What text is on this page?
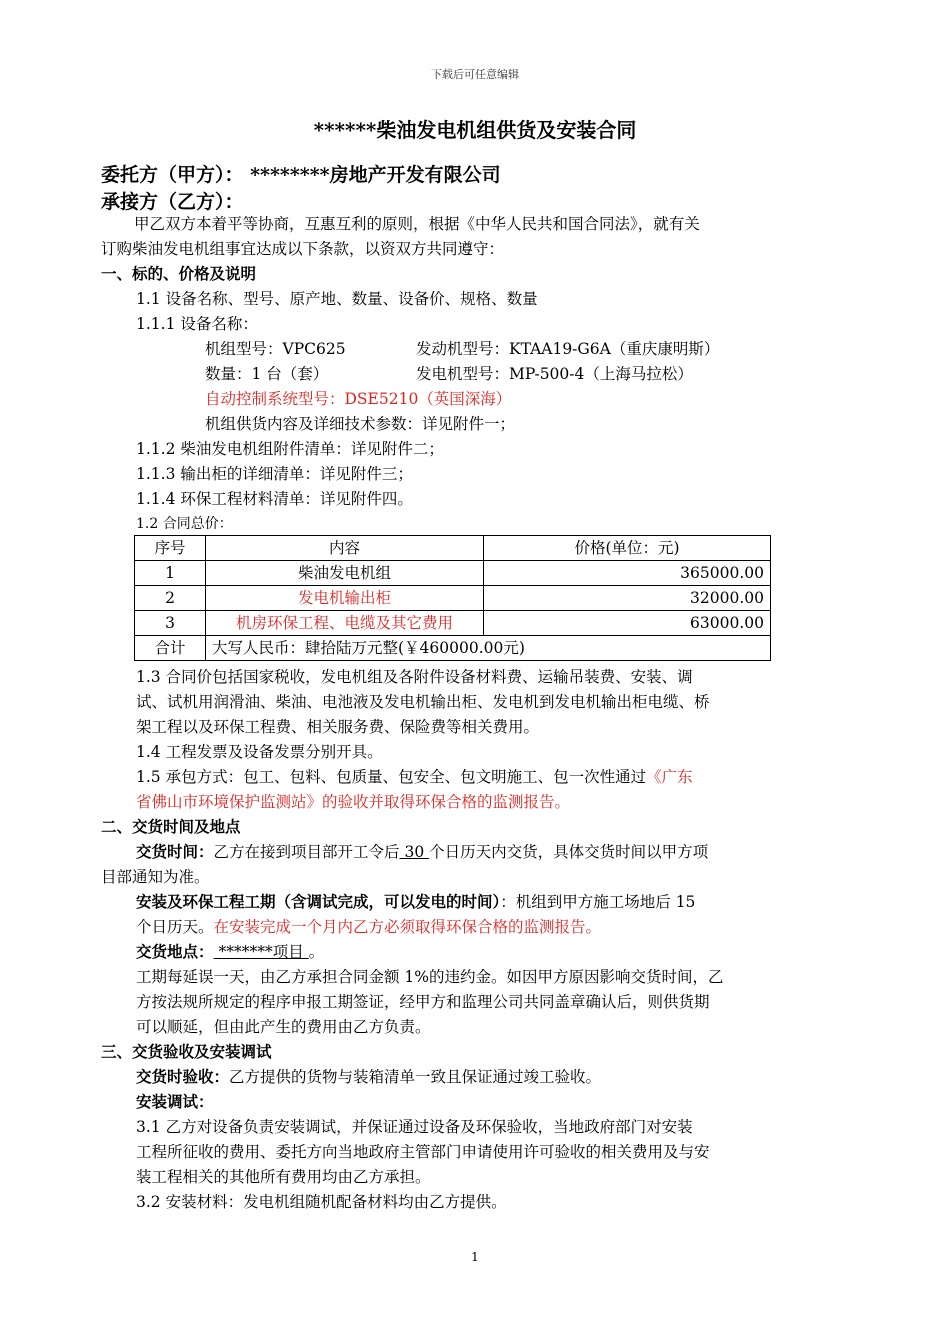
下载后可任意编辑
******柴油发电机组供货及安装合同
委托方（甲方）： ********房地产开发有限公司
承接方（乙方）：
甲乙双方本着平等协商，互惠互利的原则，根据《中华人民共和国合同法》，就有关
订购柴油发电机组事宜达成以下条款，以资双方共同遵守：
一、标的、价格及说明
1.1 设备名称、型号、原产地、数量、设备价、规格、数量
1.1.1 设备名称：
机组型号：VPC625	发动机型号：KTAA19-G6A（重庆康明斯）
数量：1 台（套）	发电机型号：MP-500-4（上海马拉松）
自动控制系统型号：DSE5210（英国深海）
机组供货内容及详细技术参数：详见附件一；
1.1.2 柴油发电机组附件清单：详见附件二；
1.1.3 输出柜的详细清单：详见附件三；
1.1.4 环保工程材料清单：详见附件四。
1.2 合同总价：
序号	内容	价格(单位：元)
1	柴油发电机组	365000.00
2	发电机输出柜	32000.00
3	机房环保工程、电缆及其它费用	63000.00
合计	大写人民币：肆拾陆万元整(￥460000.00元)	
1.3 合同价包括国家税收，发电机组及各附件设备材料费、运输吊装费、安装、调
试、试机用润滑油、柴油、电池液及发电机输出柜、发电机到发电机输出柜电缆、桥
架工程以及环保工程费、相关服务费、保险费等相关费用。
1.4 工程发票及设备发票分别开具。
1.5 承包方式：包工、包料、包质量、包安全、包文明施工、包一次性通过《广东
省佛山市环境保护监测站》的验收并取得环保合格的监测报告。
二、交货时间及地点
交货时间：乙方在接到项目部开工令后 30 个日历天内交货，具体交货时间以甲方项
目部通知为准。
安装及环保工程工期（含调试完成，可以发电的时间）：机组到甲方施工场地后 15
个日历天。在安装完成一个月内乙方必须取得环保合格的监测报告。
交货地点： *******项目 。
工期每延误一天，由乙方承担合同金额 1%的违约金。如因甲方原因影响交货时间，乙
方按法规所规定的程序申报工期签证，经甲方和监理公司共同盖章确认后，则供货期
可以顺延，但由此产生的费用由乙方负责。
三、交货验收及安装调试
交货时验收：乙方提供的货物与装箱清单一致且保证通过竣工验收。
安装调试：
3.1 乙方对设备负责安装调试，并保证通过设备及环保验收，当地政府部门对安装
工程所征收的费用、委托方向当地政府主管部门申请使用许可验收的相关费用及与安
装工程相关的其他所有费用均由乙方承担。
3.2 安装材料：发电机组随机配备材料均由乙方提供。
1
